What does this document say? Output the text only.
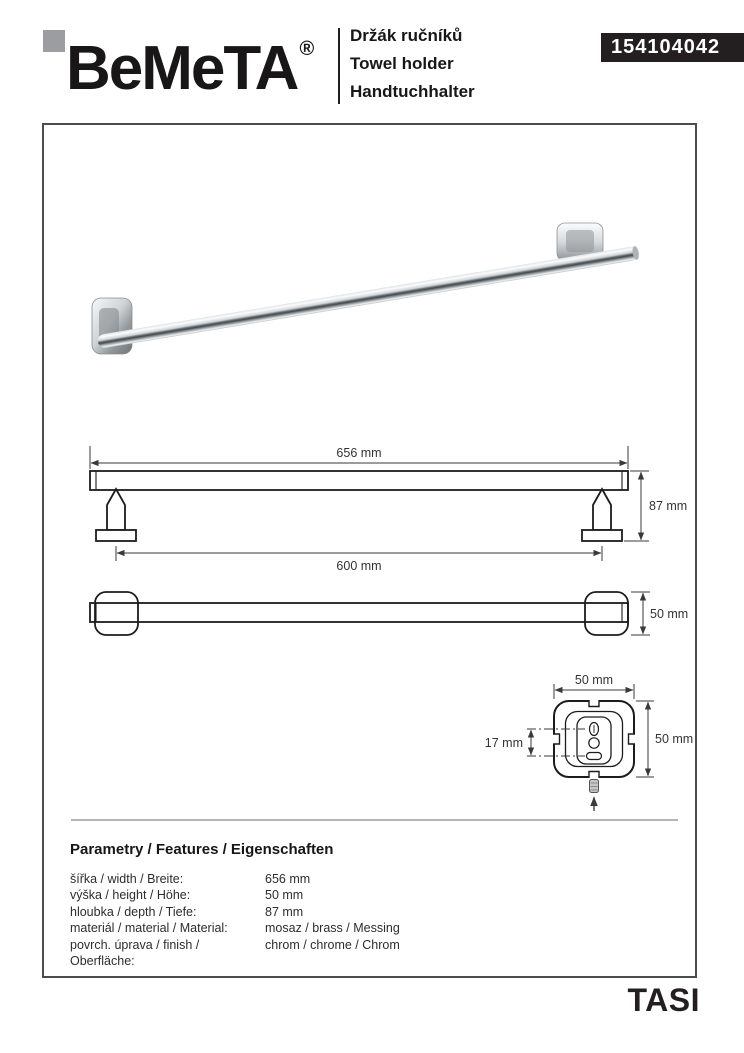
BeMeTA ®
Držák ručníků
Towel holder
Handtuchhalter
154104042
656 mm
87 mm
600 mm
50 mm
17 mm
50 mm
50 mm
Parametry / Features / Eigenschaften
šířka / width / Breite:	656 mm
výška / height / Höhe:	50 mm
hloubka / depth / Tiefe:	87 mm
materiál / material / Material:	mosaz / brass / Messing
povrch. úprava / finish / Oberfläche:
chrom / chrome / Chrom
TASI
